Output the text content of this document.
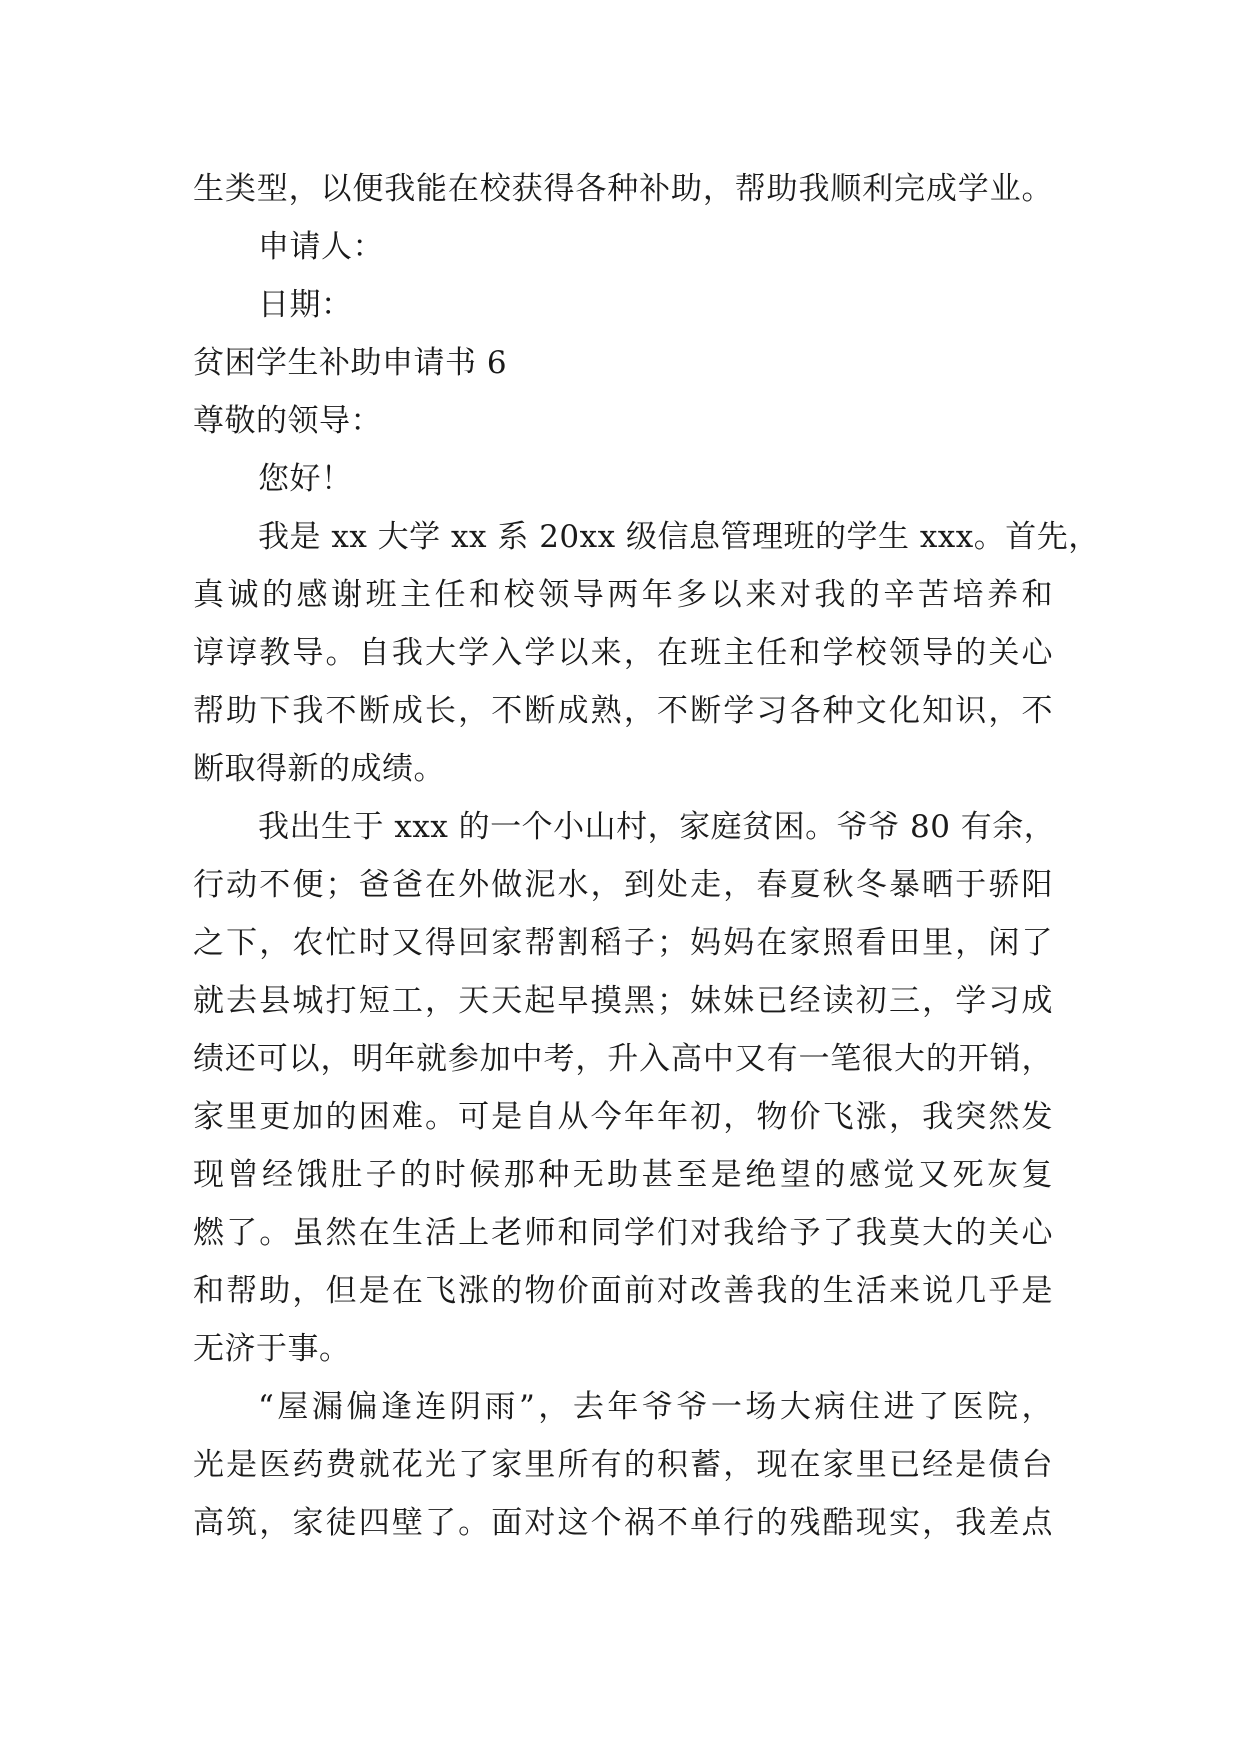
生类型，以便我能在校获得各种补助，帮助我顺利完成学业。
申请人：
日期：
贫困学生补助申请书 6
尊敬的领导：
您好！
我是 xx 大学 xx 系 20xx 级信息管理班的学生 xxx。首先，
真诚的感谢班主任和校领导两年多以来对我的辛苦培养和
谆谆教导。自我大学入学以来，在班主任和学校领导的关心
帮助下我不断成长，不断成熟，不断学习各种文化知识，不
断取得新的成绩。
我出生于 xxx 的一个小山村，家庭贫困。爷爷 80 有余，
行动不便；爸爸在外做泥水，到处走，春夏秋冬暴晒于骄阳
之下，农忙时又得回家帮割稻子；妈妈在家照看田里，闲了
就去县城打短工，天天起早摸黑；妹妹已经读初三，学习成
绩还可以，明年就参加中考，升入高中又有一笔很大的开销，
家里更加的困难。可是自从今年年初，物价飞涨，我突然发
现曾经饿肚子的时候那种无助甚至是绝望的感觉又死灰复
燃了。虽然在生活上老师和同学们对我给予了我莫大的关心
和帮助，但是在飞涨的物价面前对改善我的生活来说几乎是
无济于事。
“屋漏偏逢连阴雨”，去年爷爷一场大病住进了医院，
光是医药费就花光了家里所有的积蓄，现在家里已经是债台
高筑，家徒四壁了。面对这个祸不单行的残酷现实，我差点
